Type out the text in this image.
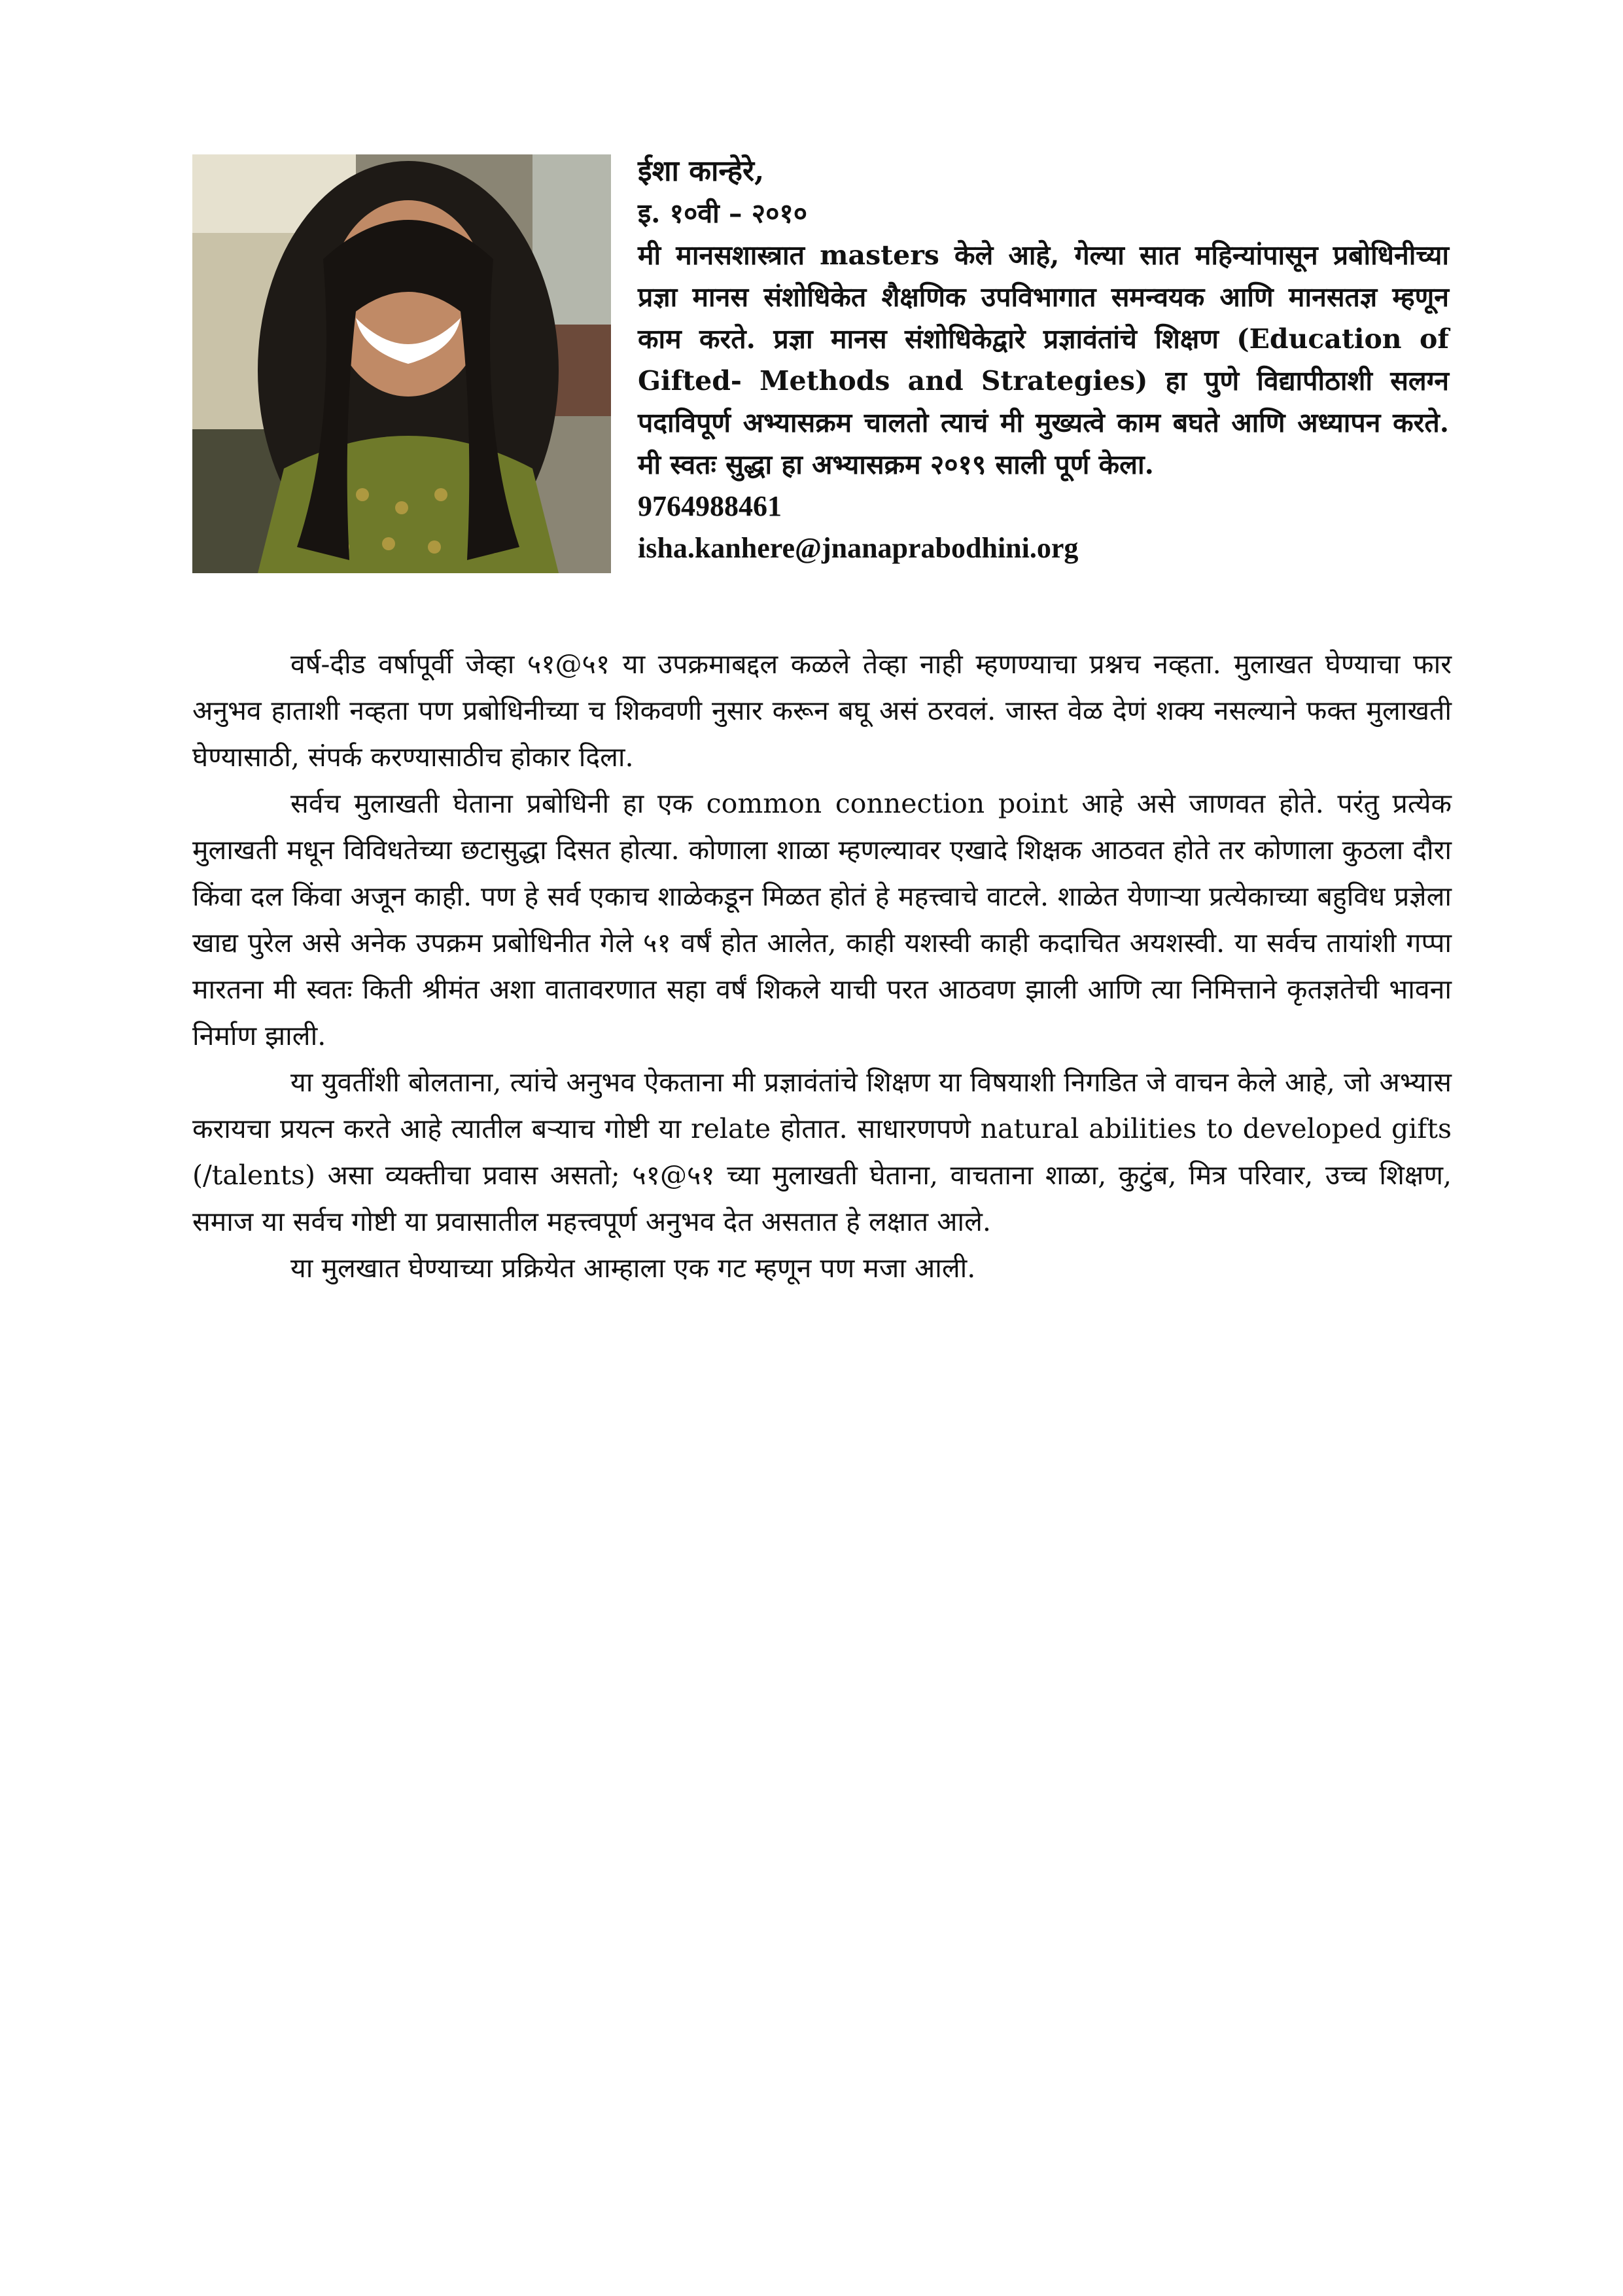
ईशा कान्हेरे,
इ. १०वी – २०१०
मी मानसशास्त्रात masters केले आहे, गेल्या सात महिन्यांपासून प्रबोधिनीच्या प्रज्ञा मानस संशोधिकेत शैक्षणिक उपविभागात समन्वयक आणि मानसतज्ञ म्हणून काम करते. प्रज्ञा मानस संशोधिकेद्वारे प्रज्ञावंतांचे शिक्षण (Education of Gifted- Methods and Strategies) हा पुणे विद्यापीठाशी सलग्न पदाविपूर्ण अभ्यासक्रम चालतो त्याचं मी मुख्यत्वे काम बघते आणि अध्यापन करते. मी स्वतः सुद्धा हा अभ्यासक्रम २०१९ साली पूर्ण केला.
9764988461
isha.kanhere@jnanaprabodhini.org

वर्ष-दीड वर्षापूर्वी जेव्हा ५१@५१ या उपक्रमाबद्दल कळले तेव्हा नाही म्हणण्याचा प्रश्नच नव्हता. मुलाखत घेण्याचा फार अनुभव हाताशी नव्हता पण प्रबोधिनीच्या च शिकवणी नुसार करून बघू असं ठरवलं. जास्त वेळ देणं शक्य नसल्याने फक्त मुलाखती घेण्यासाठी, संपर्क करण्यासाठीच होकार दिला.

सर्वच मुलाखती घेताना प्रबोधिनी हा एक common connection point आहे असे जाणवत होते. परंतु प्रत्येक मुलाखती मधून विविधतेच्या छटासुद्धा दिसत होत्या. कोणाला शाळा म्हणल्यावर एखादे शिक्षक आठवत होते तर कोणाला कुठला दौरा किंवा दल किंवा अजून काही. पण हे सर्व एकाच शाळेकडून मिळत होतं हे महत्त्वाचे वाटले. शाळेत येणाऱ्या प्रत्येकाच्या बहुविध प्रज्ञेला खाद्य पुरेल असे अनेक उपक्रम प्रबोधिनीत गेले ५१ वर्षं होत आलेत, काही यशस्वी काही कदाचित अयशस्वी. या सर्वच तायांशी गप्पा मारतना मी स्वतः किती श्रीमंत अशा वातावरणात सहा वर्षं शिकले याची परत आठवण झाली आणि त्या निमित्ताने कृतज्ञतेची भावना निर्माण झाली.

या युवतींशी बोलताना, त्यांचे अनुभव ऐकताना मी प्रज्ञावंतांचे शिक्षण या विषयाशी निगडित जे वाचन केले आहे, जो अभ्यास करायचा प्रयत्न करते आहे त्यातील बऱ्याच गोष्टी या relate होतात. साधारणपणे natural abilities to developed gifts (/talents) असा व्यक्तीचा प्रवास असतो; ५१@५१ च्या मुलाखती घेताना, वाचताना शाळा, कुटुंब, मित्र परिवार, उच्च शिक्षण, समाज या सर्वच गोष्टी या प्रवासातील महत्त्वपूर्ण अनुभव देत असतात हे लक्षात आले.

या मुलखात घेण्याच्या प्रक्रियेत आम्हाला एक गट म्हणून पण मजा आली.
